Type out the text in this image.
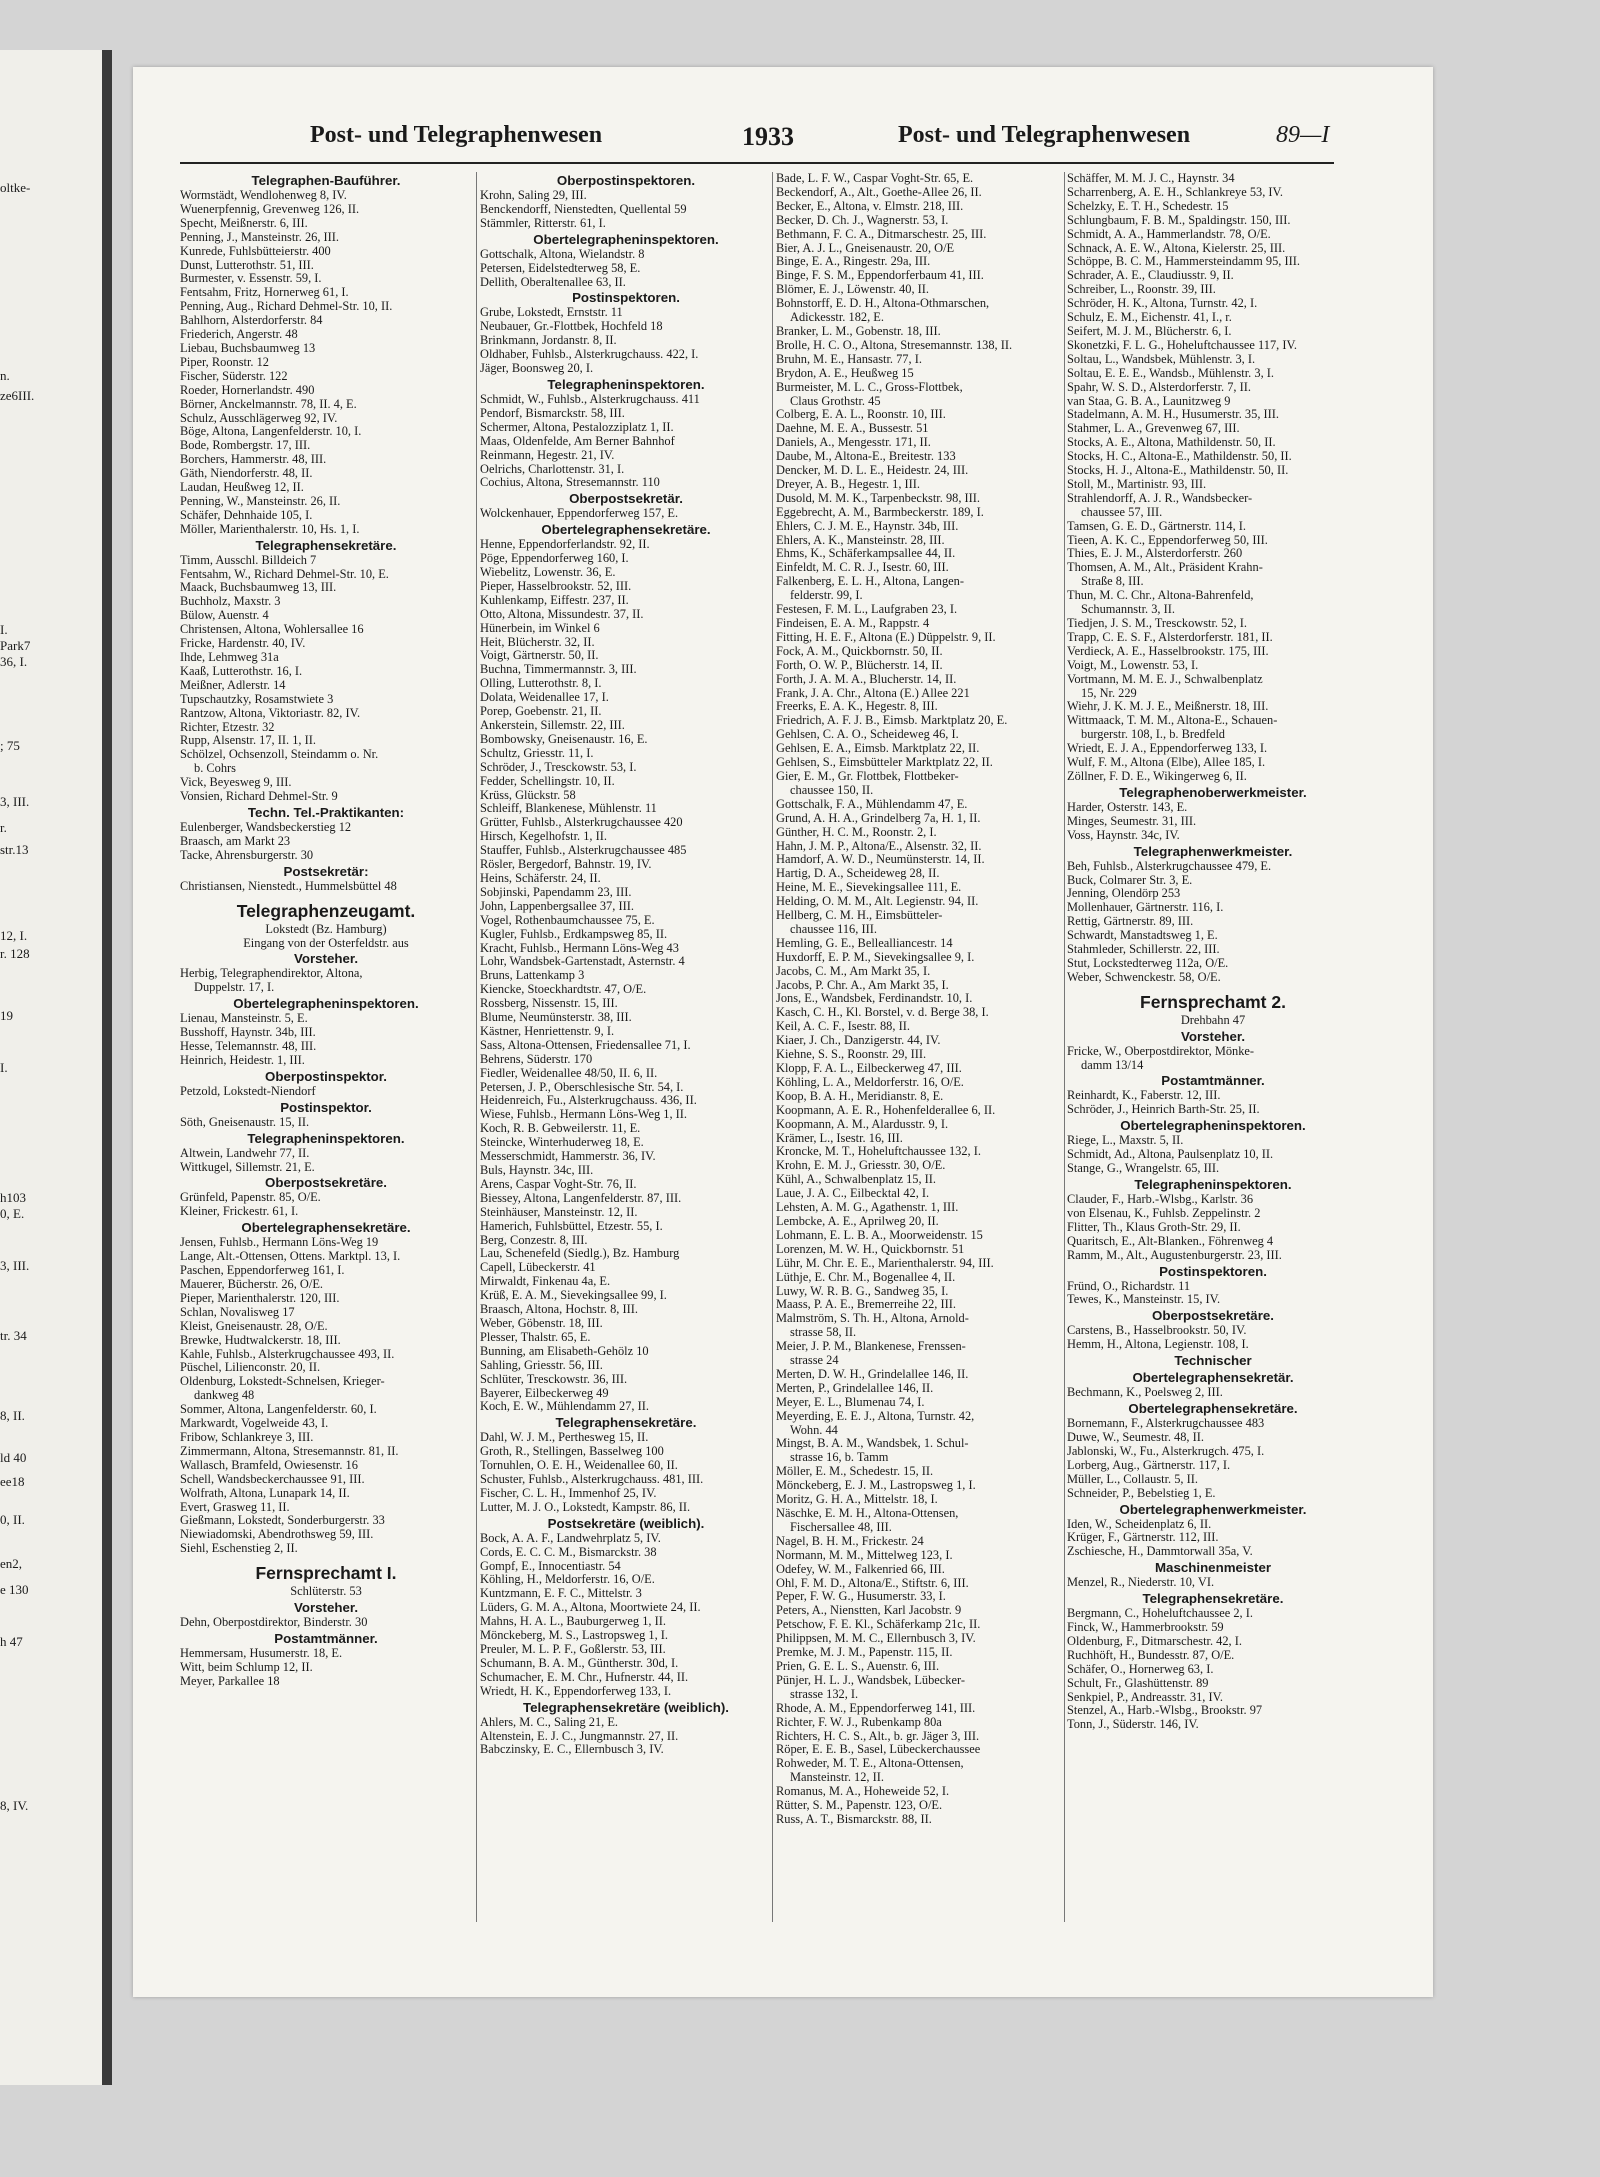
oltke-
n.
ze6III.
I.
Park7
36, I.
; 75
3, III.
r.
str.13
12, I.
r. 128
19
I.
h103
0, E.
3, III.
tr. 34
8, II.
ld 40
ee18
0, II.
en2,
e 130
h 47
8, IV.
Post- und Telegraphenwesen	1933	Post- und Telegraphenwesen	89—I
Telegraphen-Bauführer.
Wormstädt, Wendlohenweg 8, IV.
Wuenerpfennig, Grevenweg 126, II.
Specht, Meißnerstr. 6, III.
Penning, J., Mansteinstr. 26, III.
Kunrede, Fuhlsbütteierstr. 400
Dunst, Lutterothstr. 51, III.
Burmester, v. Essenstr. 59, I.
Fentsahm, Fritz, Hornerweg 61, I.
Penning, Aug., Richard Dehmel-Str. 10, II.
Bahlhorn, Alsterdorferstr. 84
Friederich, Angerstr. 48
Liebau, Buchsbaumweg 13
Piper, Roonstr. 12
Fischer, Süderstr. 122
Roeder, Hornerlandstr. 490
Börner, Anckelmannstr. 78, II. 4, E.
Schulz, Ausschlägerweg 92, IV.
Böge, Altona, Langenfelderstr. 10, I.
Bode, Rombergstr. 17, III.
Borchers, Hammerstr. 48, III.
Gäth, Niendorferstr. 48, II.
Laudan, Heußweg 12, II.
Penning, W., Mansteinstr. 26, II.
Schäfer, Dehnhaide 105, I.
Möller, Marienthalerstr. 10, Hs. 1, I.
Telegraphensekretäre.
Timm, Ausschl. Billdeich 7
Fentsahm, W., Richard Dehmel-Str. 10, E.
Maack, Buchsbaumweg 13, III.
Buchholz, Maxstr. 3
Bülow, Auenstr. 4
Christensen, Altona, Wohlersallee 16
Fricke, Hardenstr. 40, IV.
Ihde, Lehmweg 31a
Kaaß, Lutterothstr. 16, I.
Meißner, Adlerstr. 14
Tupschautzky, Rosamstwiete 3
Rantzow, Altona, Viktoriastr. 82, IV.
Richter, Etzestr. 32
Rupp, Alsenstr. 17, II. 1, II.
Schölzel, Ochsenzoll, Steindamm o. Nr.
b. Cohrs
Vick, Beyesweg 9, III.
Vonsien, Richard Dehmel-Str. 9
Techn. Tel.-Praktikanten:
Eulenberger, Wandsbeckerstieg 12
Braasch, am Markt 23
Tacke, Ahrensburgerstr. 30
Postsekretär:
Christiansen, Nienstedt., Hummelsbüttel 48
Telegraphenzeugamt.
Lokstedt (Bz. Hamburg)
Eingang von der Osterfeldstr. aus
Vorsteher.
Herbig, Telegraphendirektor, Altona,
Duppelstr. 17, I.
Obertelegrapheninspektoren.
Lienau, Mansteinstr. 5, E.
Busshoff, Haynstr. 34b, III.
Hesse, Telemannstr. 48, III.
Heinrich, Heidestr. 1, III.
Oberpostinspektor.
Petzold, Lokstedt-Niendorf
Postinspektor.
Söth, Gneisenaustr. 15, II.
Telegrapheninspektoren.
Altwein, Landwehr 77, II.
Wittkugel, Sillemstr. 21, E.
Oberpostsekretäre.
Grünfeld, Papenstr. 85, O/E.
Kleiner, Frickestr. 61, I.
Obertelegraphensekretäre.
Jensen, Fuhlsb., Hermann Löns-Weg 19
Lange, Alt.-Ottensen, Ottens. Marktpl. 13, I.
Paschen, Eppendorferweg 161, I.
Mauerer, Bücherstr. 26, O/E.
Pieper, Marienthalerstr. 120, III.
Schlan, Novalisweg 17
Kleist, Gneisenaustr. 28, O/E.
Brewke, Hudtwalckerstr. 18, III.
Kahle, Fuhlsb., Alsterkrugchaussee 493, II.
Püschel, Lilienconstr. 20, II.
Oldenburg, Lokstedt-Schnelsen, Krieger-
dankweg 48
Sommer, Altona, Langenfelderstr. 60, I.
Markwardt, Vogelweide 43, I.
Fribow, Schlankreye 3, III.
Zimmermann, Altona, Stresemannstr. 81, II.
Wallasch, Bramfeld, Owiesenstr. 16
Schell, Wandsbeckerchaussee 91, III.
Wolfrath, Altona, Lunapark 14, II.
Evert, Grasweg 11, II.
Gießmann, Lokstedt, Sonderburgerstr. 33
Niewiadomski, Abendrothsweg 59, III.
Siehl, Eschenstieg 2, II.
Fernsprechamt I.
Schlüterstr. 53
Vorsteher.
Dehn, Oberpostdirektor, Binderstr. 30
Postamtmänner.
Hemmersam, Husumerstr. 18, E.
Witt, beim Schlump 12, II.
Meyer, Parkallee 18
Oberpostinspektoren.
Krohn, Saling 29, III.
Benckendorff, Nienstedten, Quellental 59
Stämmler, Ritterstr. 61, I.
Obertelegrapheninspektoren.
Gottschalk, Altona, Wielandstr. 8
Petersen, Eidelstedterweg 58, E.
Dellith, Oberaltenallee 63, II.
Postinspektoren.
Grube, Lokstedt, Ernststr. 11
Neubauer, Gr.-Flottbek, Hochfeld 18
Brinkmann, Jordanstr. 8, II.
Oldhaber, Fuhlsb., Alsterkrugchauss. 422, I.
Jäger, Boonsweg 20, I.
Telegrapheninspektoren.
Schmidt, W., Fuhlsb., Alsterkrugchauss. 411
Pendorf, Bismarckstr. 58, III.
Schermer, Altona, Pestalozziplatz 1, II.
Maas, Oldenfelde, Am Berner Bahnhof
Reinmann, Hegestr. 21, IV.
Oelrichs, Charlottenstr. 31, I.
Cochius, Altona, Stresemannstr. 110
Oberpostsekretär.
Wolckenhauer, Eppendorferweg 157, E.
Obertelegraphensekretäre.
Henne, Eppendorferlandstr. 92, II.
Pöge, Eppendorferweg 160, I.
Wiebelitz, Lowenstr. 36, E.
Pieper, Hasselbrookstr. 52, III.
Kuhlenkamp, Eiffestr. 237, II.
Otto, Altona, Missundestr. 37, II.
Hünerbein, im Winkel 6
Heit, Blücherstr. 32, II.
Voigt, Gärtnerstr. 50, II.
Buchna, Timmermannstr. 3, III.
Olling, Lutterothstr. 8, I.
Dolata, Weidenallee 17, I.
Porep, Goebenstr. 21, II.
Ankerstein, Sillemstr. 22, III.
Bombowsky, Gneisenaustr. 16, E.
Schultz, Griesstr. 11, I.
Schröder, J., Tresckowstr. 53, I.
Fedder, Schellingstr. 10, II.
Krüss, Glückstr. 58
Schleiff, Blankenese, Mühlenstr. 11
Grütter, Fuhlsb., Alsterkrugchaussee 420
Hirsch, Kegelhofstr. 1, II.
Stauffer, Fuhlsb., Alsterkrugchaussee 485
Rösler, Bergedorf, Bahnstr. 19, IV.
Heins, Schäferstr. 24, II.
Sobjinski, Papendamm 23, III.
John, Lappenbergsallee 37, III.
Vogel, Rothenbaumchaussee 75, E.
Kugler, Fuhlsb., Erdkampsweg 85, II.
Kracht, Fuhlsb., Hermann Löns-Weg 43
Lohr, Wandsbek-Gartenstadt, Asternstr. 4
Bruns, Lattenkamp 3
Kiencke, Stoeckhardtstr. 47, O/E.
Rossberg, Nissenstr. 15, III.
Blume, Neumünsterstr. 38, III.
Kästner, Henriettenstr. 9, I.
Sass, Altona-Ottensen, Friedensallee 71, I.
Behrens, Süderstr. 170
Fiedler, Weidenallee 48/50, II. 6, II.
Petersen, J. P., Oberschlesische Str. 54, I.
Heidenreich, Fu., Alsterkrugchauss. 436, II.
Wiese, Fuhlsb., Hermann Löns-Weg 1, II.
Koch, R. B. Gebweilerstr. 11, E.
Steincke, Winterhuderweg 18, E.
Messerschmidt, Hammerstr. 36, IV.
Buls, Haynstr. 34c, III.
Arens, Caspar Voght-Str. 76, II.
Biessey, Altona, Langenfelderstr. 87, III.
Steinhäuser, Mansteinstr. 12, II.
Hamerich, Fuhlsbüttel, Etzestr. 55, I.
Berg, Conzestr. 8, III.
Lau, Schenefeld (Siedlg.), Bz. Hamburg
Capell, Lübeckerstr. 41
Mirwaldt, Finkenau 4a, E.
Krüß, E. A. M., Sievekingsallee 99, I.
Braasch, Altona, Hochstr. 8, III.
Weber, Göbenstr. 18, III.
Plesser, Thalstr. 65, E.
Bunning, am Elisabeth-Gehölz 10
Sahling, Griesstr. 56, III.
Schlüter, Tresckowstr. 36, III.
Bayerer, Eilbeckerweg 49
Koch, E. W., Mühlendamm 27, II.
Telegraphensekretäre.
Dahl, W. J. M., Perthesweg 15, II.
Groth, R., Stellingen, Basselweg 100
Tornuhlen, O. E. H., Weidenallee 60, II.
Schuster, Fuhlsb., Alsterkrugchauss. 481, III.
Fischer, C. L. H., Immenhof 25, IV.
Lutter, M. J. O., Lokstedt, Kampstr. 86, II.
Postsekretäre (weiblich).
Bock, A. A. F., Landwehrplatz 5, IV.
Cords, E. C. C. M., Bismarckstr. 38
Gompf, E., Innocentiastr. 54
Köhling, H., Meldorferstr. 16, O/E.
Kuntzmann, E. F. C., Mittelstr. 3
Lüders, G. M. A., Altona, Moortwiete 24, II.
Mahns, H. A. L., Bauburgerweg 1, II.
Mönckeberg, M. S., Lastropsweg 1, I.
Preuler, M. L. P. F., Goßlerstr. 53, III.
Schumann, B. A. M., Güntherstr. 30d, I.
Schumacher, E. M. Chr., Hufnerstr. 44, II.
Wriedt, H. K., Eppendorferweg 133, I.
Telegraphensekretäre (weiblich).
Ahlers, M. C., Saling 21, E.
Altenstein, E. J. C., Jungmannstr. 27, II.
Babczinsky, E. C., Ellernbusch 3, IV.
Bade, L. F. W., Caspar Voght-Str. 65, E.
Beckendorf, A., Alt., Goethe-Allee 26, II.
Becker, E., Altona, v. Elmstr. 218, III.
Becker, D. Ch. J., Wagnerstr. 53, I.
Bethmann, F. C. A., Ditmarschestr. 25, III.
Bier, A. J. L., Gneisenaustr. 20, O/E
Binge, E. A., Ringestr. 29a, III.
Binge, F. S. M., Eppendorferbaum 41, III.
Blömer, E. J., Löwenstr. 40, II.
Bohnstorff, E. D. H., Altona-Othmarschen,
Adickesstr. 182, E.
Branker, L. M., Gobenstr. 18, III.
Brolle, H. C. O., Altona, Stresemannstr. 138, II.
Bruhn, M. E., Hansastr. 77, I.
Brydon, A. E., Heußweg 15
Burmeister, M. L. C., Gross-Flottbek,
Claus Grothstr. 45
Colberg, E. A. L., Roonstr. 10, III.
Daehne, M. E. A., Bussestr. 51
Daniels, A., Mengesstr. 171, II.
Daube, M., Altona-E., Breitestr. 133
Dencker, M. D. L. E., Heidestr. 24, III.
Dreyer, A. B., Hegestr. 1, III.
Dusold, M. M. K., Tarpenbeckstr. 98, III.
Eggebrecht, A. M., Barmbeckerstr. 189, I.
Ehlers, C. J. M. E., Haynstr. 34b, III.
Ehlers, A. K., Mansteinstr. 28, III.
Ehms, K., Schäferkampsallee 44, II.
Einfeldt, M. C. R. J., Isestr. 60, III.
Falkenberg, E. L. H., Altona, Langen-
felderstr. 99, I.
Festesen, F. M. L., Laufgraben 23, I.
Findeisen, E. A. M., Rappstr. 4
Fitting, H. E. F., Altona (E.) Düppelstr. 9, II.
Fock, A. M., Quickbornstr. 50, II.
Forth, O. W. P., Blücherstr. 14, II.
Forth, J. A. M. A., Blucherstr. 14, II.
Frank, J. A. Chr., Altona (E.) Allee 221
Freerks, E. A. K., Hegestr. 8, III.
Friedrich, A. F. J. B., Eimsb. Marktplatz 20, E.
Gehlsen, C. A. O., Scheideweg 46, I.
Gehlsen, E. A., Eimsb. Marktplatz 22, II.
Gehlsen, S., Eimsbütteler Marktplatz 22, II.
Gier, E. M., Gr. Flottbek, Flottbeker-
chaussee 150, II.
Gottschalk, F. A., Mühlendamm 47, E.
Grund, A. H. A., Grindelberg 7a, H. 1, II.
Günther, H. C. M., Roonstr. 2, I.
Hahn, J. M. P., Altona/E., Alsenstr. 32, II.
Hamdorf, A. W. D., Neumünsterstr. 14, II.
Hartig, D. A., Scheideweg 28, II.
Heine, M. E., Sievekingsallee 111, E.
Helding, O. M. M., Alt. Legienstr. 94, II.
Hellberg, C. M. H., Eimsbütteler-
chaussee 116, III.
Hemling, G. E., Bellealliancestr. 14
Huxdorff, E. P. M., Sievekingsallee 9, I.
Jacobs, C. M., Am Markt 35, I.
Jacobs, P. Chr. A., Am Markt 35, I.
Jons, E., Wandsbek, Ferdinandstr. 10, I.
Kasch, C. H., Kl. Borstel, v. d. Berge 38, I.
Keil, A. C. F., Isestr. 88, II.
Kiaer, J. Ch., Danzigerstr. 44, IV.
Kiehne, S. S., Roonstr. 29, III.
Klopp, F. A. L., Eilbeckerweg 47, III.
Köhling, L. A., Meldorferstr. 16, O/E.
Koop, B. A. H., Meridianstr. 8, E.
Koopmann, A. E. R., Hohenfelderallee 6, II.
Koopmann, A. M., Alardusstr. 9, I.
Krämer, L., Isestr. 16, III.
Kroncke, M. T., Hoheluftchaussee 132, I.
Krohn, E. M. J., Griesstr. 30, O/E.
Kühl, A., Schwalbenplatz 15, II.
Laue, J. A. C., Eilbecktal 42, I.
Lehsten, A. M. G., Agathenstr. 1, III.
Lembcke, A. E., Aprilweg 20, II.
Lohmann, E. L. B. A., Moorweidenstr. 15
Lorenzen, M. W. H., Quickbornstr. 51
Lühr, M. Chr. E. E., Marienthalerstr. 94, III.
Lüthje, E. Chr. M., Bogenallee 4, II.
Luwy, W. R. B. G., Sandweg 35, I.
Maass, P. A. E., Bremerreihe 22, III.
Malmström, S. Th. H., Altona, Arnold-
strasse 58, II.
Meier, J. P. M., Blankenese, Frenssen-
strasse 24
Merten, D. W. H., Grindelallee 146, II.
Merten, P., Grindelallee 146, II.
Meyer, E. L., Blumenau 74, I.
Meyerding, E. E. J., Altona, Turnstr. 42,
Wohn. 44
Mingst, B. A. M., Wandsbek, 1. Schul-
strasse 16, b. Tamm
Möller, E. M., Schedestr. 15, II.
Mönckeberg, E. J. M., Lastropsweg 1, I.
Moritz, G. H. A., Mittelstr. 18, I.
Näschke, E. M. H., Altona-Ottensen,
Fischersallee 48, III.
Nagel, B. H. M., Frickestr. 24
Normann, M. M., Mittelweg 123, I.
Odefey, W. M., Falkenried 66, III.
Ohl, F. M. D., Altona/E., Stiftstr. 6, III.
Peper, F. W. G., Husumerstr. 33, I.
Peters, A., Nienstten, Karl Jacobstr. 9
Petschow, F. E. Kl., Schäferkamp 21c, II.
Philippsen, M. M. C., Ellernbusch 3, IV.
Premke, M. J. M., Papenstr. 115, II.
Prien, G. E. L. S., Auenstr. 6, III.
Pünjer, H. L. J., Wandsbek, Lübecker-
strasse 132, I.
Rhode, A. M., Eppendorferweg 141, III.
Richter, F. W. J., Rubenkamp 80a
Richters, H. C. S., Alt., b. gr. Jäger 3, III.
Röper, E. E. B., Sasel, Lübeckerchaussee
Rohweder, M. T. E., Altona-Ottensen,
Mansteinstr. 12, II.
Romanus, M. A., Hoheweide 52, I.
Rütter, S. M., Papenstr. 123, O/E.
Russ, A. T., Bismarckstr. 88, II.
Schäffer, M. M. J. C., Haynstr. 34
Scharrenberg, A. E. H., Schlankreye 53, IV.
Schelzky, E. T. H., Schedestr. 15
Schlungbaum, F. B. M., Spaldingstr. 150, III.
Schmidt, A. A., Hammerlandstr. 78, O/E.
Schnack, A. E. W., Altona, Kielerstr. 25, III.
Schöppe, B. C. M., Hammersteindamm 95, III.
Schrader, A. E., Claudiusstr. 9, II.
Schreiber, L., Roonstr. 39, III.
Schröder, H. K., Altona, Turnstr. 42, I.
Schulz, E. M., Eichenstr. 41, I., r.
Seifert, M. J. M., Blücherstr. 6, I.
Skonetzki, F. L. G., Hoheluftchaussee 117, IV.
Soltau, L., Wandsbek, Mühlenstr. 3, I.
Soltau, E. E. E., Wandsb., Mühlenstr. 3, I.
Spahr, W. S. D., Alsterdorferstr. 7, II.
van Staa, G. B. A., Launitzweg 9
Stadelmann, A. M. H., Husumerstr. 35, III.
Stahmer, L. A., Grevenweg 67, III.
Stocks, A. E., Altona, Mathildenstr. 50, II.
Stocks, H. C., Altona-E., Mathildenstr. 50, II.
Stocks, H. J., Altona-E., Mathildenstr. 50, II.
Stoll, M., Martinistr. 93, III.
Strahlendorff, A. J. R., Wandsbecker-
chaussee 57, III.
Tamsen, G. E. D., Gärtnerstr. 114, I.
Tieen, A. K. C., Eppendorferweg 50, III.
Thies, E. J. M., Alsterdorferstr. 260
Thomsen, A. M., Alt., Präsident Krahn-
Straße 8, III.
Thun, M. C. Chr., Altona-Bahrenfeld,
Schumannstr. 3, II.
Tiedjen, J. S. M., Tresckowstr. 52, I.
Trapp, C. E. S. F., Alsterdorferstr. 181, II.
Verdieck, A. E., Hasselbrookstr. 175, III.
Voigt, M., Lowenstr. 53, I.
Vortmann, M. M. E. J., Schwalbenplatz
15, Nr. 229
Wiehr, J. K. M. J. E., Meißnerstr. 18, III.
Wittmaack, T. M. M., Altona-E., Schauen-
burgerstr. 108, I., b. Bredfeld
Wriedt, E. J. A., Eppendorferweg 133, I.
Wulf, F. M., Altona (Elbe), Allee 185, I.
Zöllner, F. D. E., Wikingerweg 6, II.
Telegraphenoberwerkmeister.
Harder, Osterstr. 143, E.
Minges, Seumestr. 31, III.
Voss, Haynstr. 34c, IV.
Telegraphenwerkmeister.
Beh, Fuhlsb., Alsterkrugchaussee 479, E.
Buck, Colmarer Str. 3, E.
Jenning, Olendörp 253
Mollenhauer, Gärtnerstr. 116, I.
Rettig, Gärtnerstr. 89, III.
Schwardt, Manstadtsweg 1, E.
Stahmleder, Schillerstr. 22, III.
Stut, Lockstedterweg 112a, O/E.
Weber, Schwenckestr. 58, O/E.
Fernsprechamt 2.
Drehbahn 47
Vorsteher.
Fricke, W., Oberpostdirektor, Mönke-
damm 13/14
Postamtmänner.
Reinhardt, K., Faberstr. 12, III.
Schröder, J., Heinrich Barth-Str. 25, II.
Obertelegrapheninspektoren.
Riege, L., Maxstr. 5, II.
Schmidt, Ad., Altona, Paulsenplatz 10, II.
Stange, G., Wrangelstr. 65, III.
Telegrapheninspektoren.
Clauder, F., Harb.-Wlsbg., Karlstr. 36
von Elsenau, K., Fuhlsb. Zeppelinstr. 2
Flitter, Th., Klaus Groth-Str. 29, II.
Quaritsch, E., Alt-Blanken., Föhrenweg 4
Ramm, M., Alt., Augustenburgerstr. 23, III.
Postinspektoren.
Fründ, O., Richardstr. 11
Tewes, K., Mansteinstr. 15, IV.
Oberpostsekretäre.
Carstens, B., Hasselbrookstr. 50, IV.
Hemm, H., Altona, Legienstr. 108, I.
Technischer
Obertelegraphensekretär.
Bechmann, K., Poelsweg 2, III.
Obertelegraphensekretäre.
Bornemann, F., Alsterkrugchaussee 483
Duwe, W., Seumestr. 48, II.
Jablonski, W., Fu., Alsterkrugch. 475, I.
Lorberg, Aug., Gärtnerstr. 117, I.
Müller, L., Collaustr. 5, II.
Schneider, P., Bebelstieg 1, E.
Obertelegraphenwerkmeister.
Iden, W., Scheidenplatz 6, II.
Krüger, F., Gärtnerstr. 112, III.
Zschiesche, H., Dammtorwall 35a, V.
Maschinenmeister
Menzel, R., Niederstr. 10, VI.
Telegraphensekretäre.
Bergmann, C., Hoheluftchaussee 2, I.
Finck, W., Hammerbrookstr. 59
Oldenburg, F., Ditmarschestr. 42, I.
Ruchhöft, H., Bundesstr. 87, O/E.
Schäfer, O., Hornerweg 63, I.
Schult, Fr., Glashüttenstr. 89
Senkpiel, P., Andreasstr. 31, IV.
Stenzel, A., Harb.-Wlsbg., Brookstr. 97
Tonn, J., Süderstr. 146, IV.
